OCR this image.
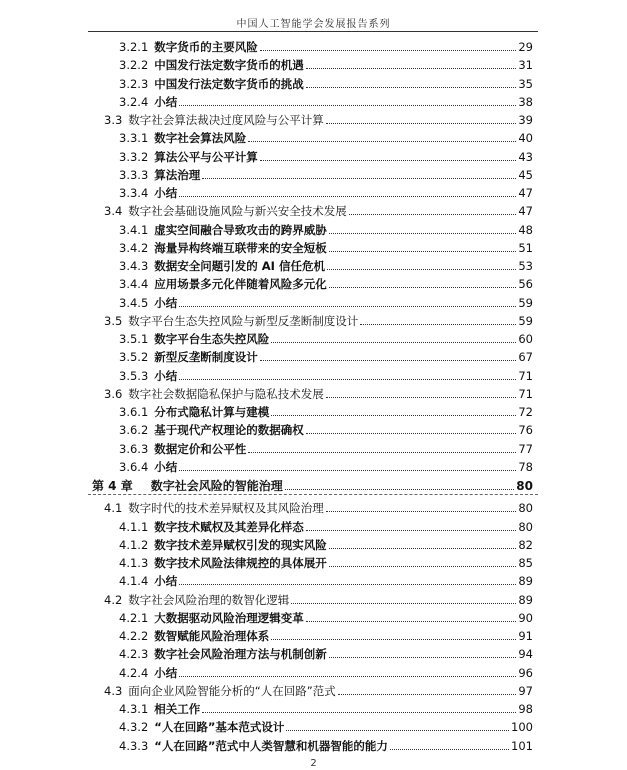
中国人工智能学会发展报告系列
3.2.1 数字货币的主要风险	29
3.2.2 中国发行法定数字货币的机遇	31
3.2.3 中国发行法定数字货币的挑战	35
3.2.4 小结	38
3.3 数字社会算法裁决过度风险与公平计算	39
3.3.1 数字社会算法风险	40
3.3.2 算法公平与公平计算	43
3.3.3 算法治理	45
3.3.4 小结	47
3.4 数字社会基础设施风险与新兴安全技术发展	47
3.4.1 虚实空间融合导致攻击的跨界威胁	48
3.4.2 海量异构终端互联带来的安全短板	51
3.4.3 数据安全问题引发的 AI 信任危机	53
3.4.4 应用场景多元化伴随着风险多元化	56
3.4.5 小结	59
3.5 数字平台生态失控风险与新型反垄断制度设计	59
3.5.1 数字平台生态失控风险	60
3.5.2 新型反垄断制度设计	67
3.5.3 小结	71
3.6 数字社会数据隐私保护与隐私技术发展	71
3.6.1 分布式隐私计算与建模	72
3.6.2 基于现代产权理论的数据确权	76
3.6.3 数据定价和公平性	77
3.6.4 小结	78
第 4 章 数字社会风险的智能治理	80
4.1 数字时代的技术差异赋权及其风险治理	80
4.1.1 数字技术赋权及其差异化样态	80
4.1.2 数字技术差异赋权引发的现实风险	82
4.1.3 数字技术风险法律规控的具体展开	85
4.1.4 小结	89
4.2 数字社会风险治理的数智化逻辑	89
4.2.1 大数据驱动风险治理逻辑变革	90
4.2.2 数智赋能风险治理体系	91
4.2.3 数字社会风险治理方法与机制创新	94
4.2.4 小结	96
4.3 面向企业风险智能分析的“人在回路”范式	97
4.3.1 相关工作	98
4.3.2 “人在回路”基本范式设计	100
4.3.3 “人在回路”范式中人类智慧和机器智能的能力	101
2
